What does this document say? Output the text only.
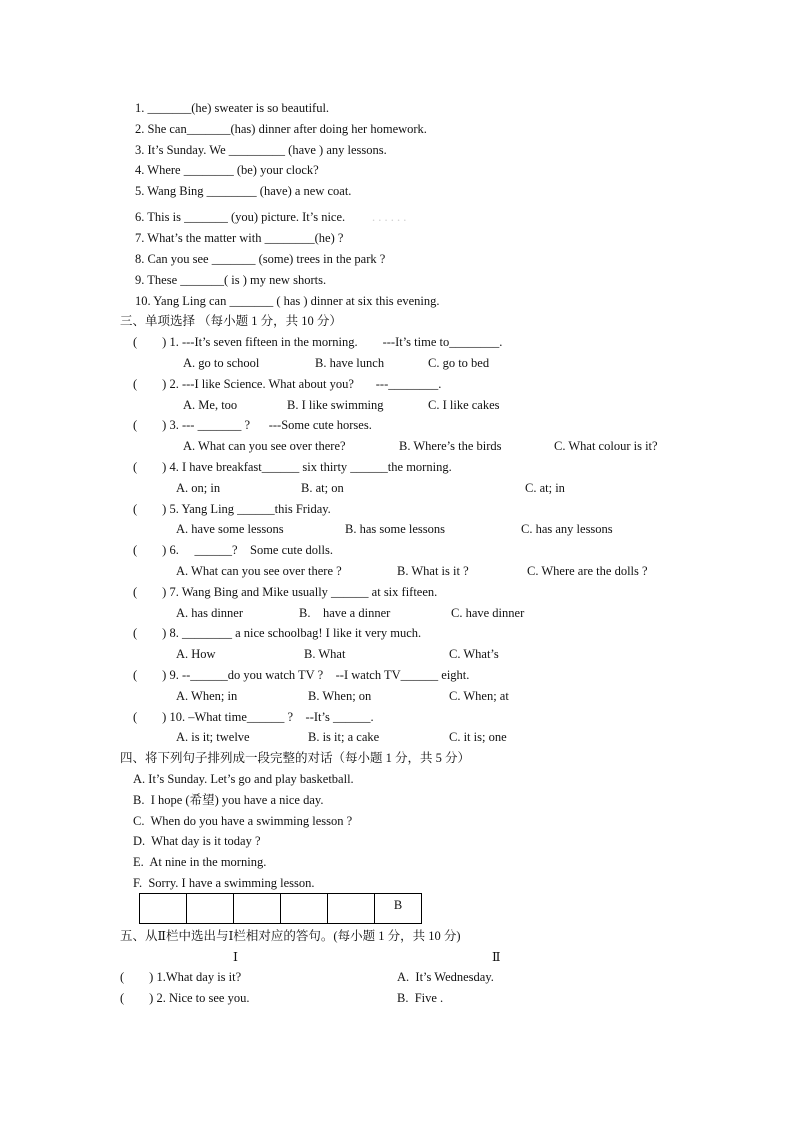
1. _______(he) sweater is so beautiful.
2. She can_______(has) dinner after doing her homework.
3. It’s Sunday. We _________ (have ) any lessons.
4. Where ________ (be) your clock?
5. Wang Bing ________ (have) a new coat.
6. This is _______ (you) picture. It’s nice. . . . . . .
7. What’s the matter with ________(he) ?
8. Can you see _______ (some) trees in the park ?
9. These _______( is ) my new shorts.
10. Yang Ling can _______ ( has ) dinner at six this evening.
三、单项选择 （每小题 1 分，共 10 分）
(        ) 1. ---It’s seven fifteen in the morning.        ---It’s time to________.
A. go to school	B. have lunch	C. go to bed
(        ) 2. ---I like Science. What about you?       ---________.
A. Me, too	B. I like swimming	C. I like cakes
(        ) 3. --- _______ ?      ---Some cute horses.
A. What can you see over there?	B. Where’s the birds	C. What colour is it?
(        ) 4. I have breakfast______ six thirty ______the morning.
A. on; in	B. at; on	C. at; in
(        ) 5. Yang Ling ______this Friday.
A. have some lessons	B. has some lessons	C. has any lessons
(        ) 6.     ______?    Some cute dolls.
A. What can you see over there ?	B. What is it ?	C. Where are the dolls ?
(        ) 7. Wang Bing and Mike usually ______ at six fifteen.
A. has dinner	B.    have a dinner	C. have dinner
(        ) 8. ________ a nice schoolbag! I like it very much.
A. How	B. What	C. What’s
(        ) 9. --______do you watch TV ?    --I watch TV______ eight.
A. When; in	B. When; on	C. When; at
(        ) 10. –What time______ ?    --It’s ______.
A. is it; twelve	B. is it; a cake	C. it is; one
四、将下列句子排列成一段完整的对话（每小题 1 分，共 5 分）
A. It’s Sunday. Let’s go and play basketball.
B.  I hope (希望) you have a nice day.
C.  When do you have a swimming lesson ?
D.  What day is it today ?
E.  At nine in the morning.
F.  Sorry. I have a swimming lesson.
					B
五、从Ⅱ栏中选出与Ⅰ栏相对应的答句。(每小题 1 分，共 10 分)
Ⅰ	Ⅱ
(        ) 1.What day is it?	A.  It’s Wednesday.
(        ) 2. Nice to see you.	B.  Five .
